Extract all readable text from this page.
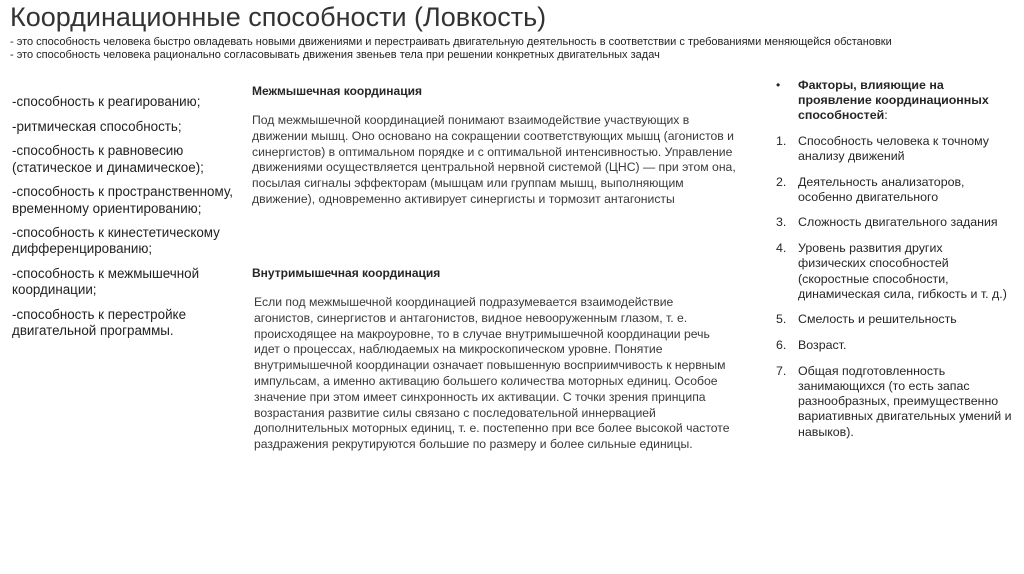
Координационные способности (Ловкость)
- это способность человека быстро овладевать новыми движениями и перестраивать двигательную деятельность в соответствии с требованиями меняющейся обстановки
- это способность человека рационально согласовывать движения звеньев тела при решении конкретных двигательных задач
-способность к реагированию;
-ритмическая способность;
-способность к равновесию (статическое и динамическое);
-способность к пространственному, временному ориентированию;
-способность к кинестетическому дифференцированию;
-способность к межмышечной координации;
-способность к перестройке двигательной программы.
Межмышечная координация

Под межмышечной координацией понимают взаимодействие участвующих в движении мышц. Оно основано на сокращении соответствующих мышц (агонистов и синергистов) в оптимальном порядке и с оптимальной интенсивностью. Управление движениями осуществляется центральной нервной системой (ЦНС) — при этом она, посылая сигналы эффекторам (мышцам или группам мышц, выполняющим движение), одновременно активирует синергисты и тормозит антагонисты

Внутримышечная координация

Если под межмышечной координацией подразумевается взаимодействие агонистов, синергистов и антагонистов, видное невооруженным глазом, т. е. происходящее на макроуровне, то в случае внутримышечной координации речь идет о процессах, наблюдаемых на микроскопическом уровне. Понятие внутримышечной координации означает повышенную восприимчивость к нервным импульсам, а именно активацию большего количества моторных единиц. Особое значение при этом имеет синхронность их активации. С точки зрения принципа возрастания развитие силы связано с последовательной иннервацией дополнительных моторных единиц, т. е. постепенно при все более высокой частоте раздражения рекрутируются большие по размеру и более сильные единицы.

•	Факторы, влияющие на проявление координационных способностей:
1. Способность человека к точному анализу движений
2. Деятельность анализаторов, особенно двигательного
3. Сложность двигательного задания
4. Уровень развития других физических способностей (скоростные способности, динамическая сила, гибкость и т. д.)
5. Смелость и решительность
6. Возраст.
7. Общая подготовленность занимающихся (то есть запас разнообразных, преимущественно вариативных двигательных умений и навыков).
